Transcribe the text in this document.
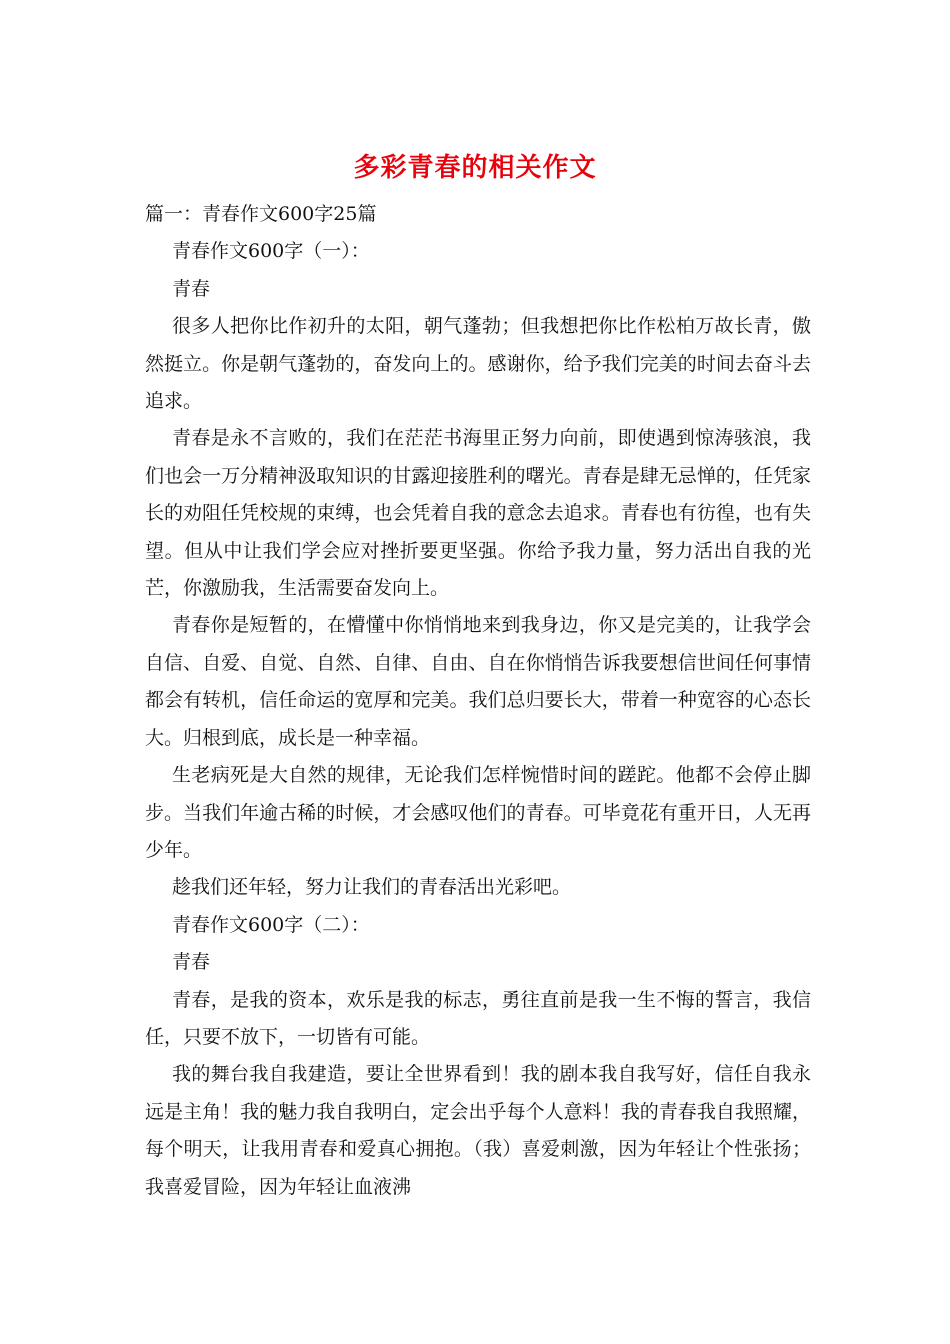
多彩青春的相关作文

篇一：青春作文600字25篇

青春作文600字（一）：

青春

很多人把你比作初升的太阳，朝气蓬勃；但我想把你比作松柏万故长青，傲然挺立。你是朝气蓬勃的，奋发向上的。感谢你，给予我们完美的时间去奋斗去追求。

青春是永不言败的，我们在茫茫书海里正努力向前，即使遇到惊涛骇浪，我们也会一万分精神汲取知识的甘露迎接胜利的曙光。青春是肆无忌惮的，任凭家长的劝阻任凭校规的束缚，也会凭着自我的意念去追求。青春也有彷徨，也有失望。但从中让我们学会应对挫折要更坚强。你给予我力量，努力活出自我的光芒，你激励我，生活需要奋发向上。

青春你是短暂的，在懵懂中你悄悄地来到我身边，你又是完美的，让我学会自信、自爱、自觉、自然、自律、自由、自在你悄悄告诉我要想信世间任何事情都会有转机，信任命运的宽厚和完美。我们总归要长大，带着一种宽容的心态长大。归根到底，成长是一种幸福。

生老病死是大自然的规律，无论我们怎样惋惜时间的蹉跎。他都不会停止脚步。当我们年逾古稀的时候，才会感叹他们的青春。可毕竟花有重开日，人无再少年。

趁我们还年轻，努力让我们的青春活出光彩吧。

青春作文600字（二）：

青春

青春，是我的资本，欢乐是我的标志，勇往直前是我一生不悔的誓言，我信任，只要不放下，一切皆有可能。

我的舞台我自我建造，要让全世界看到！我的剧本我自我写好，信任自我永远是主角！我的魅力我自我明白，定会出乎每个人意料！我的青春我自我照耀，每个明天，让我用青春和爱真心拥抱。（我）喜爱刺激，因为年轻让个性张扬；我喜爱冒险，因为年轻让血液沸
